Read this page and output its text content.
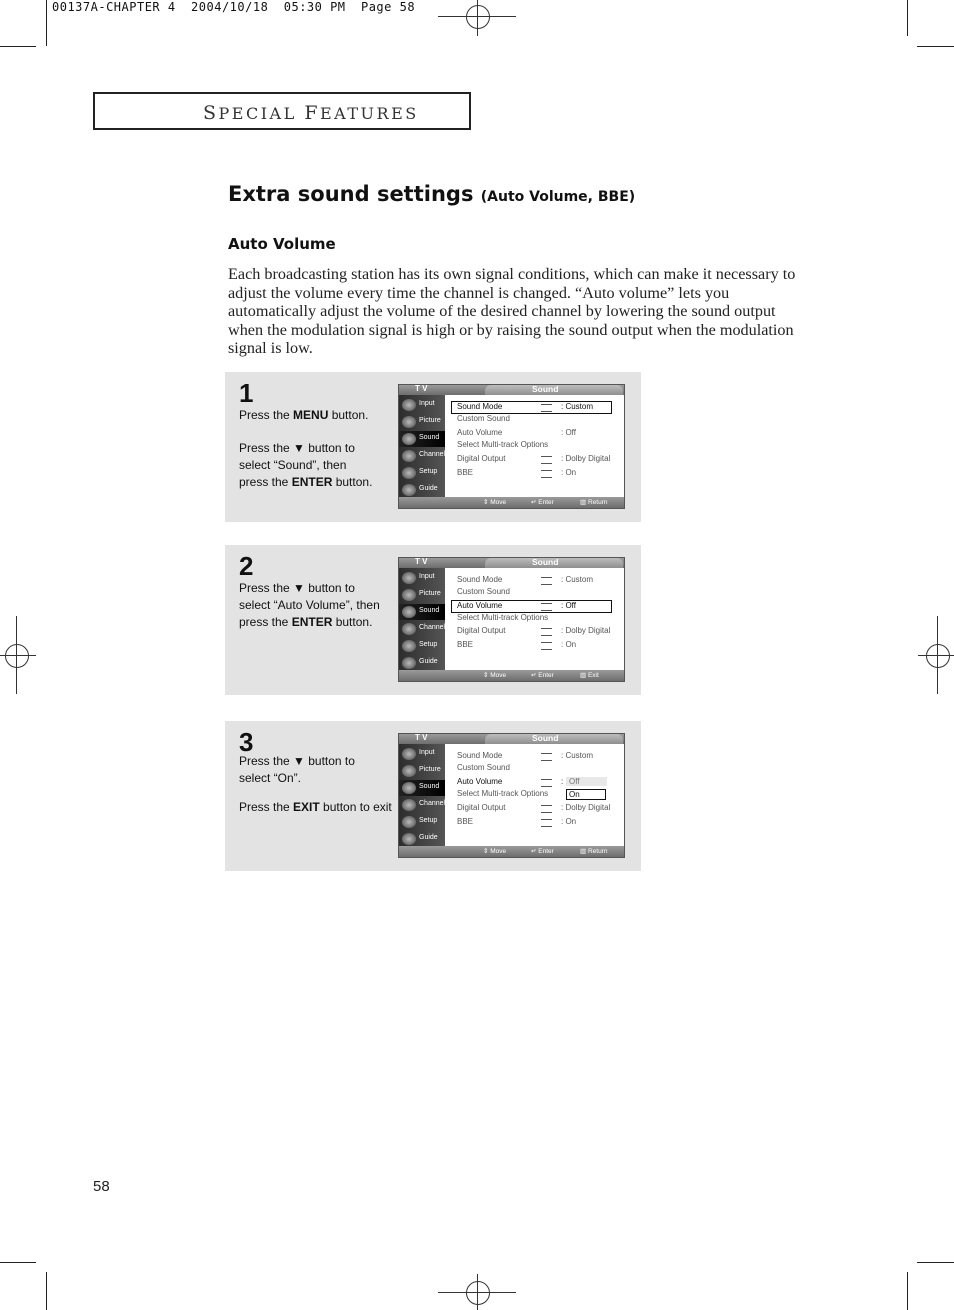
00137A-CHAPTER 4  2004/10/18  05:30 PM  Page 58
SPECIAL FEATURES
Extra sound settings (Auto Volume, BBE)
Auto Volume
Each broadcasting station has its own signal conditions, which can make it necessary to adjust the volume every time the channel is changed. “Auto volume” lets you automatically adjust the volume of the desired channel by lowering the sound output when the modulation signal is high or by raising the sound output when the modulation signal is low.
1
Press the MENU button.
Press the ▼ button to
select “Sound”, then
press the ENTER button.
T V	Sound
Input
Picture
Sound
Channel
Setup
Guide
Sound Mode	: Custom
Custom Sound
Auto Volume	: Off
Select Multi-track Options
Digital Output	: Dolby Digital
BBE	: On
⇕ Move	↵ Enter	▥ Return
2
Press the ▼ button to
select “Auto Volume”, then
press the ENTER button.
T V	Sound
Input
Picture
Sound
Channel
Setup
Guide
Sound Mode	: Custom
Custom Sound
Auto Volume	: Off
Select Multi-track Options
Digital Output	: Dolby Digital
BBE	: On
⇕ Move	↵ Enter	▥ Exit
3
Press the ▼ button to
select “On”.
Press the EXIT button to exit
T V	Sound
Input
Picture
Sound
Channel
Setup
Guide
Sound Mode	: Custom
Custom Sound
Auto Volume	: Off
On
Select Multi-track Options
Digital Output	: Dolby Digital
BBE	: On
⇕ Move	↵ Enter	▥ Return
58
